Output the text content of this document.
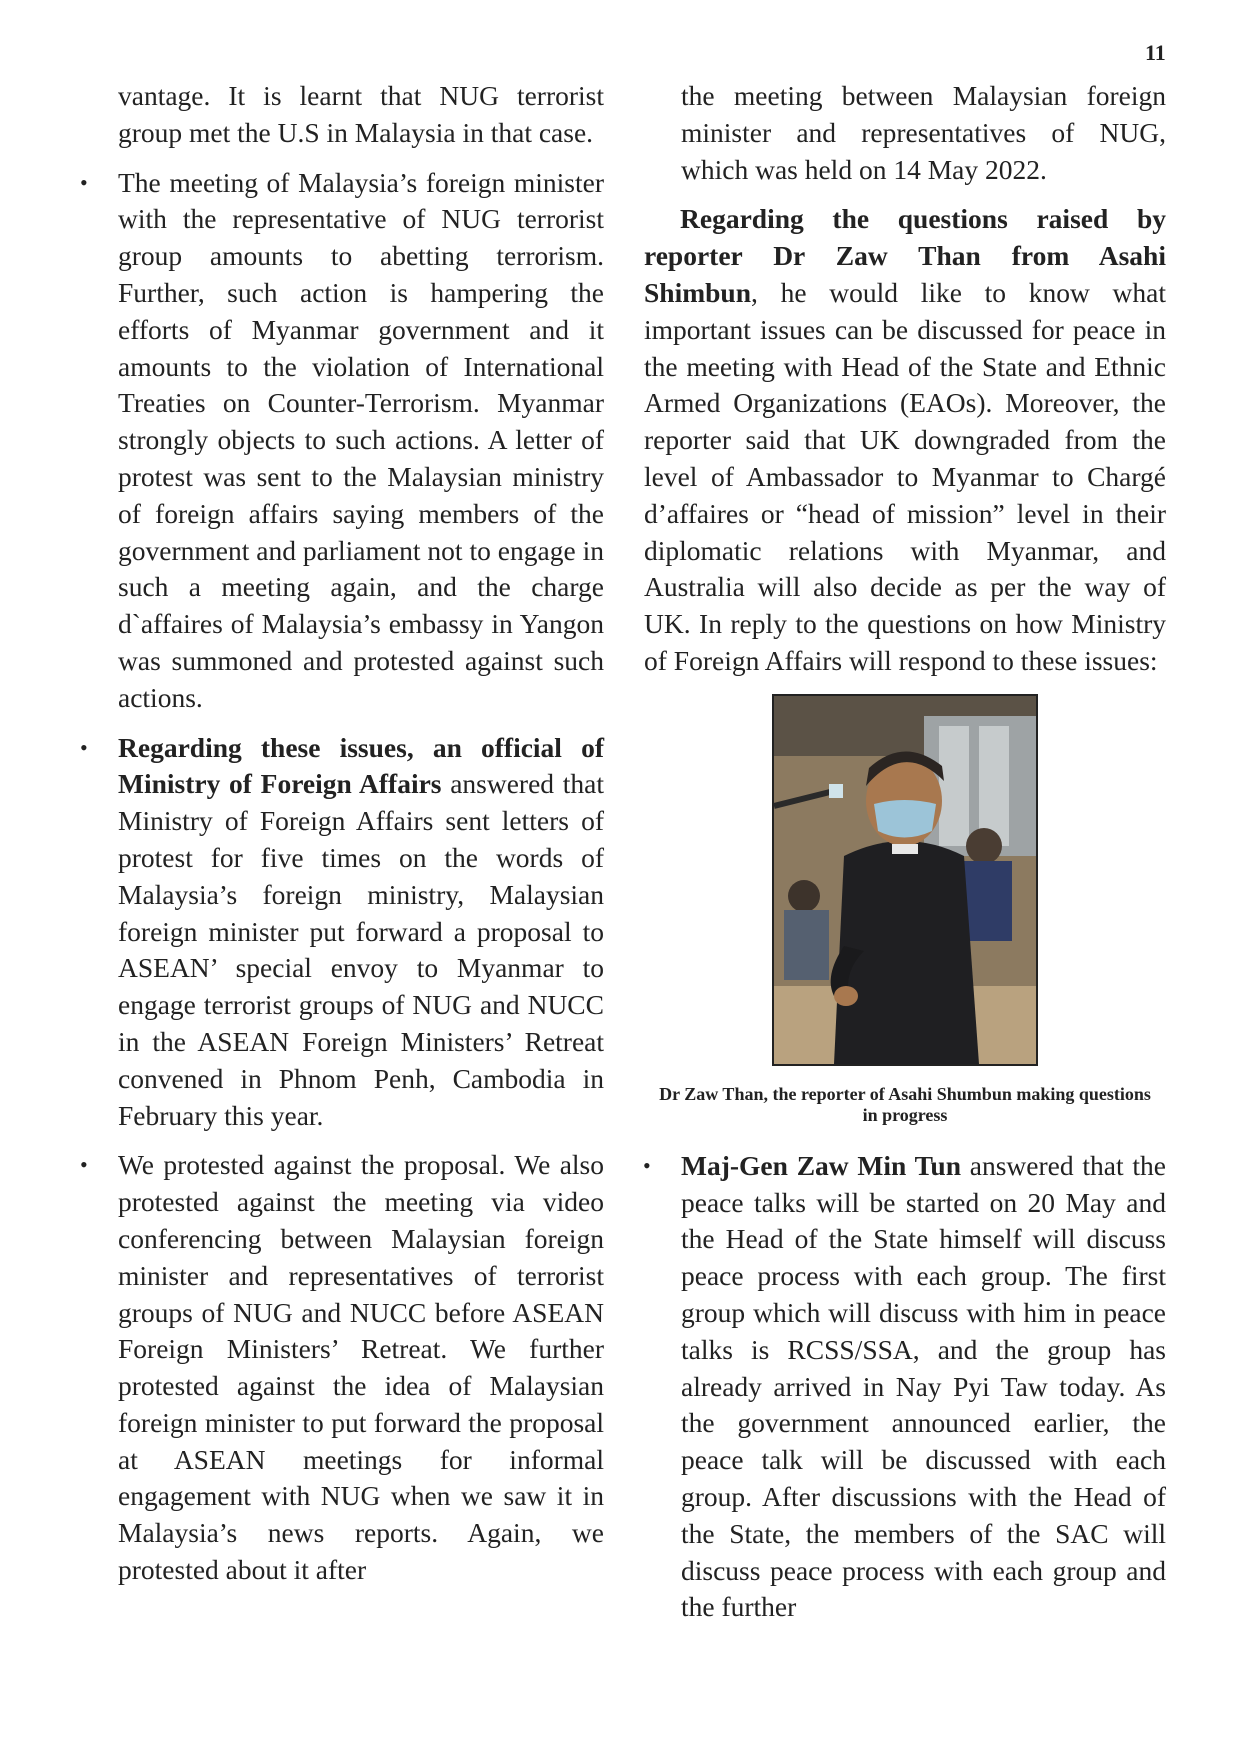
11

vantage. It is learnt that NUG terrorist group met the U.S in Malaysia in that case.

• The meeting of Malaysia’s foreign minister with the representative of NUG terrorist group amounts to abetting terrorism. Further, such action is hampering the efforts of Myanmar government and it amounts to the violation of International Treaties on Counter-Terrorism. Myanmar strongly objects to such actions. A letter of protest was sent to the Malaysian ministry of foreign affairs saying members of the government and parliament not to engage in such a meeting again, and the charge d`affaires of Malaysia’s embassy in Yangon was summoned and protested against such actions.
• Regarding these issues, an official of Ministry of Foreign Affairs answered that Ministry of Foreign Affairs sent letters of protest for five times on the words of Malaysia’s foreign ministry, Malaysian foreign minister put forward a proposal to ASEAN’ special envoy to Myanmar to engage terrorist groups of NUG and NUCC in the ASEAN Foreign Ministers’ Retreat convened in Phnom Penh, Cambodia in February this year.
• We protested against the proposal. We also protested against the meeting via video conferencing between Malaysian foreign minister and representatives of terrorist groups of NUG and NUCC before ASEAN Foreign Ministers’ Retreat. We further protested against the idea of Malaysian foreign minister to put forward the proposal at ASEAN meetings for informal engagement with NUG when we saw it in Malaysia’s news reports. Again, we protested about it after

the meeting between Malaysian foreign minister and representatives of NUG, which was held on 14 May 2022.

Regarding the questions raised by reporter Dr Zaw Than from Asahi Shimbun, he would like to know what important issues can be discussed for peace in the meeting with Head of the State and Ethnic Armed Organizations (EAOs). Moreover, the reporter said that UK downgraded from the level of Ambassador to Myanmar to Chargé d’affaires or “head of mission” level in their diplomatic relations with Myanmar, and Australia will also decide as per the way of UK. In reply to the questions on how Ministry of Foreign Affairs will respond to these issues:

Dr Zaw Than, the reporter of Asahi Shumbun making questions in progress
• Maj-Gen Zaw Min Tun answered that the peace talks will be started on 20 May and the Head of the State himself will discuss peace process with each group. The first group which will discuss with him in peace talks is RCSS/SSA, and the group has already arrived in Nay Pyi Taw today. As the government announced earlier, the peace talk will be discussed with each group. After discussions with the Head of the State, the members of the SAC will discuss peace process with each group and the further
